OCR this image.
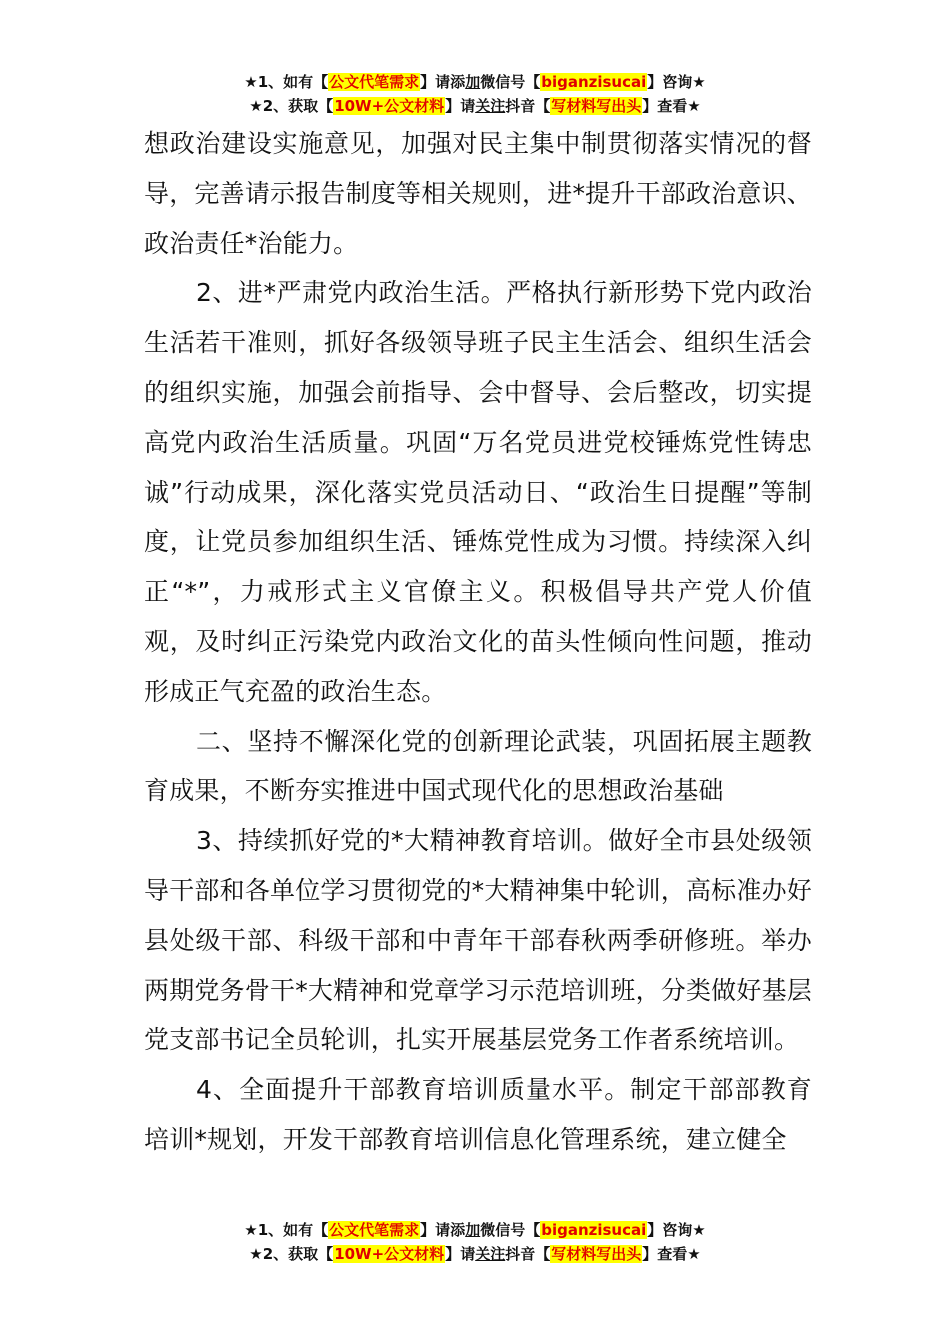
★1、如有【公文代笔需求】请添加微信号【biganzisucai】咨询★
★2、获取【10W+公文材料】请关注抖音【写材料写出头】查看★

想政治建设实施意见，加强对民主集中制贯彻落实情况的督导，完善请示报告制度等相关规则，进*提升干部政治意识、政治责任*治能力。

2、进*严肃党内政治生活。严格执行新形势下党内政治生活若干准则，抓好各级领导班子民主生活会、组织生活会的组织实施，加强会前指导、会中督导、会后整改，切实提高党内政治生活质量。巩固“万名党员进党校锤炼党性铸忠诚”行动成果，深化落实党员活动日、“政治生日提醒”等制度，让党员参加组织生活、锤炼党性成为习惯。持续深入纠正“*”，力戒形式主义官僚主义。积极倡导共产党人价值观，及时纠正污染党内政治文化的苗头性倾向性问题，推动形成正气充盈的政治生态。

二、坚持不懈深化党的创新理论武装，巩固拓展主题教育成果，不断夯实推进中国式现代化的思想政治基础

3、持续抓好党的*大精神教育培训。做好全市县处级领导干部和各单位学习贯彻党的*大精神集中轮训，高标准办好县处级干部、科级干部和中青年干部春秋两季研修班。举办两期党务骨干*大精神和党章学习示范培训班，分类做好基层党支部书记全员轮训，扎实开展基层党务工作者系统培训。

4、全面提升干部教育培训质量水平。制定干部部教育培训*规划，开发干部教育培训信息化管理系统，建立健全

★1、如有【公文代笔需求】请添加微信号【biganzisucai】咨询★
★2、获取【10W+公文材料】请关注抖音【写材料写出头】查看★
